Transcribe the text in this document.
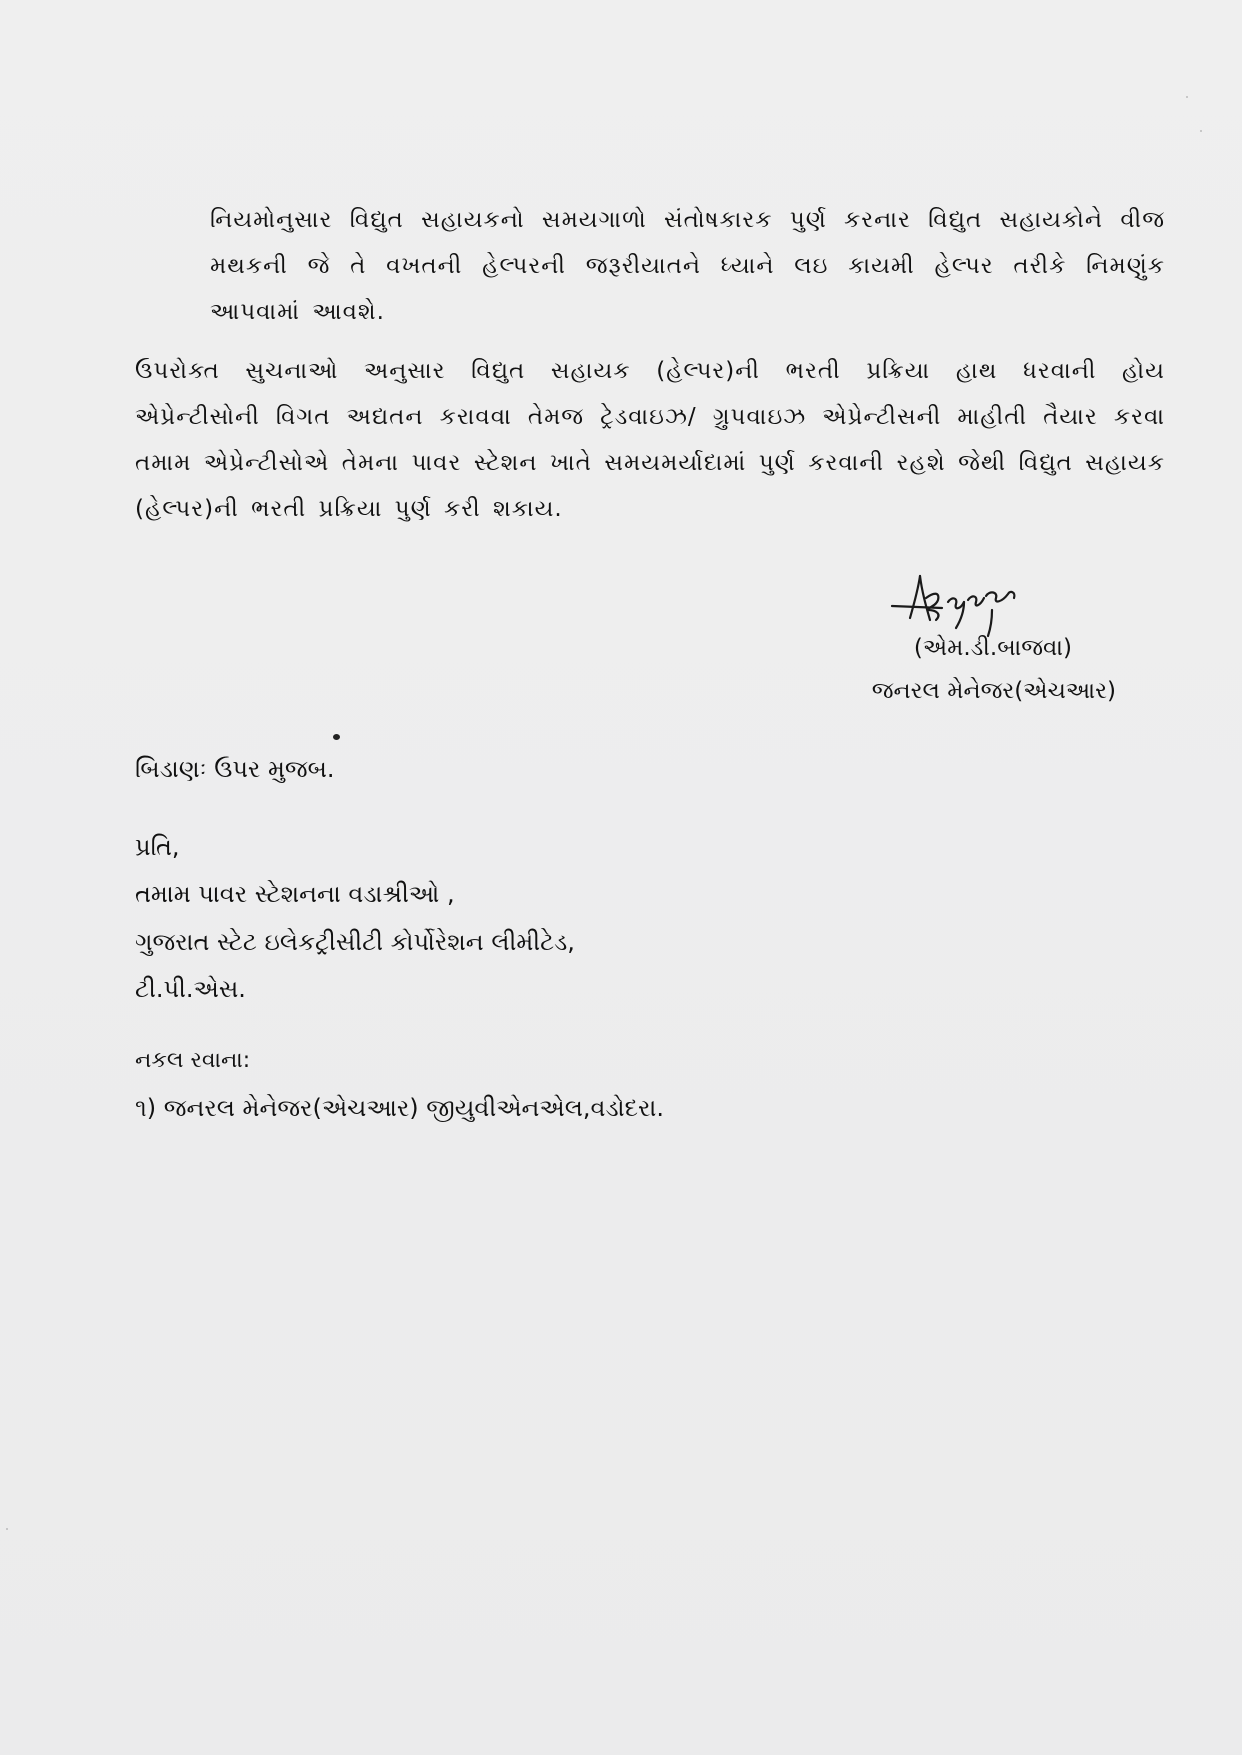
નિયમોનુસાર વિદ્યુત સહાયકનો સમયગાળો સંતોષકારક પુર્ણ કરનાર વિદ્યુત સહાયકોને વીજ મથકની જે તે વખતની હેલ્પરની જરૂરીયાતને ધ્યાને લઇ કાયમી હેલ્પર તરીકે નિમણુંક આપવામાં આવશે.

ઉપરોક્ત સુચનાઓ અનુસાર વિદ્યુત સહાયક (હેલ્પર)ની ભરતી પ્રક્રિયા હાથ ધરવાની હોય એપ્રેન્ટીસોની વિગત અદ્યતન કરાવવા તેમજ ટ્રેડવાઇઝ/ ગ્રુપવાઇઝ એપ્રેન્ટીસની માહીતી તૈયાર કરવા તમામ એપ્રેન્ટીસોએ તેમના પાવર સ્ટેશન ખાતે સમયમર્યાદામાં પુર્ણ કરવાની રહશે જેથી વિદ્યુત સહાયક (હેલ્પર)ની ભરતી પ્રક્રિયા પુર્ણ કરી શકાય.

(એમ.ડી.બાજવા)
જનરલ મેનેજર(એચઆર)

બિડાણઃ ઉપર મુજબ.

પ્રતિ,

તમામ પાવર સ્ટેશનના વડાશ્રીઓ ,

ગુજરાત સ્ટેટ ઇલેકટ્રીસીટી કોર્પોરેશન લીમીટેડ,

ટી.પી.એસ.

નકલ રવાના:

૧) જનરલ મેનેજર(એચઆર) જીયુવીએનએલ,વડોદરા.
